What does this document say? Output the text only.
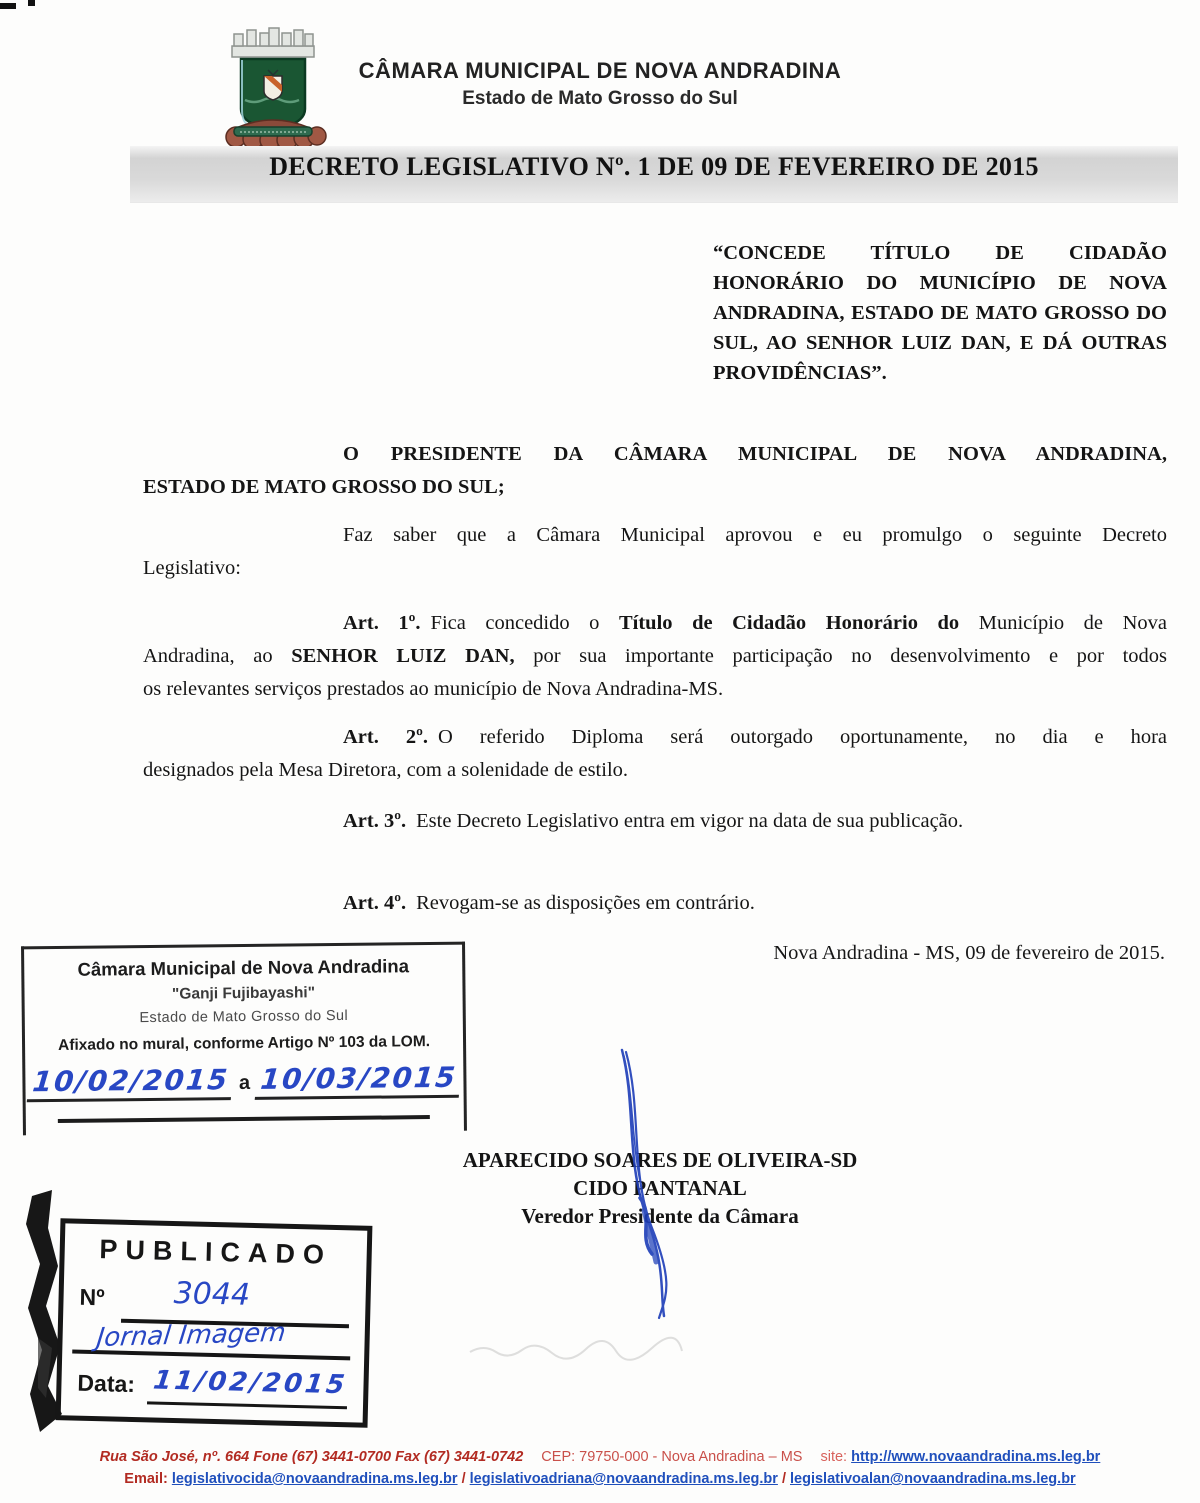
CÂMARA MUNICIPAL DE NOVA ANDRADINA
Estado de Mato Grosso do Sul
DECRETO LEGISLATIVO Nº. 1 DE 09 DE FEVEREIRO DE 2015
“CONCEDE TÍTULO DE CIDADÃO HONORÁRIO DO MUNICÍPIO DE NOVA ANDRADINA, ESTADO DE MATO GROSSO DO SUL, AO SENHOR LUIZ DAN, E DÁ OUTRAS PROVIDÊNCIAS”.
O PRESIDENTE DA CÂMARA MUNICIPAL DE NOVA ANDRADINA,
ESTADO DE MATO GROSSO DO SUL;
Faz saber que a Câmara Municipal aprovou e eu promulgo o seguinte Decreto
Legislativo:
Art. 1º. Fica concedido o Título de Cidadão Honorário do Município de Nova
Andradina, ao SENHOR LUIZ DAN, por sua importante participação no desenvolvimento e por todos
os relevantes serviços prestados ao município de Nova Andradina-MS.
Art. 2º. O referido Diploma será outorgado oportunamente, no dia e hora
designados pela Mesa Diretora, com a solenidade de estilo.
Art. 3º. Este Decreto Legislativo entra em vigor na data de sua publicação.
Art. 4º. Revogam-se as disposições em contrário.
Nova Andradina - MS, 09 de fevereiro de 2015.
Câmara Municipal de Nova Andradina
"Ganji Fujibayashi"
Estado de Mato Grosso do Sul
Afixado no mural, conforme Artigo Nº 103 da LOM.
10/02/2015 a 10/03/2015
APARECIDO SOARES DE OLIVEIRA-SD
CIDO PANTANAL
Veredor Presidente da Câmara
PUBLICADO
Nº 3044
Jornal Imagem
Data: 11/02/2015
Rua São José, nº. 664 Fone (67) 3441-0700 Fax (67) 3441-0742 CEP: 79750-000 - Nova Andradina – MS site: http://www.novaandradina.ms.leg.br
Email: legislativocida@novaandradina.ms.leg.br / legislativoadriana@novaandradina.ms.leg.br / legislativoalan@novaandradina.ms.leg.br
